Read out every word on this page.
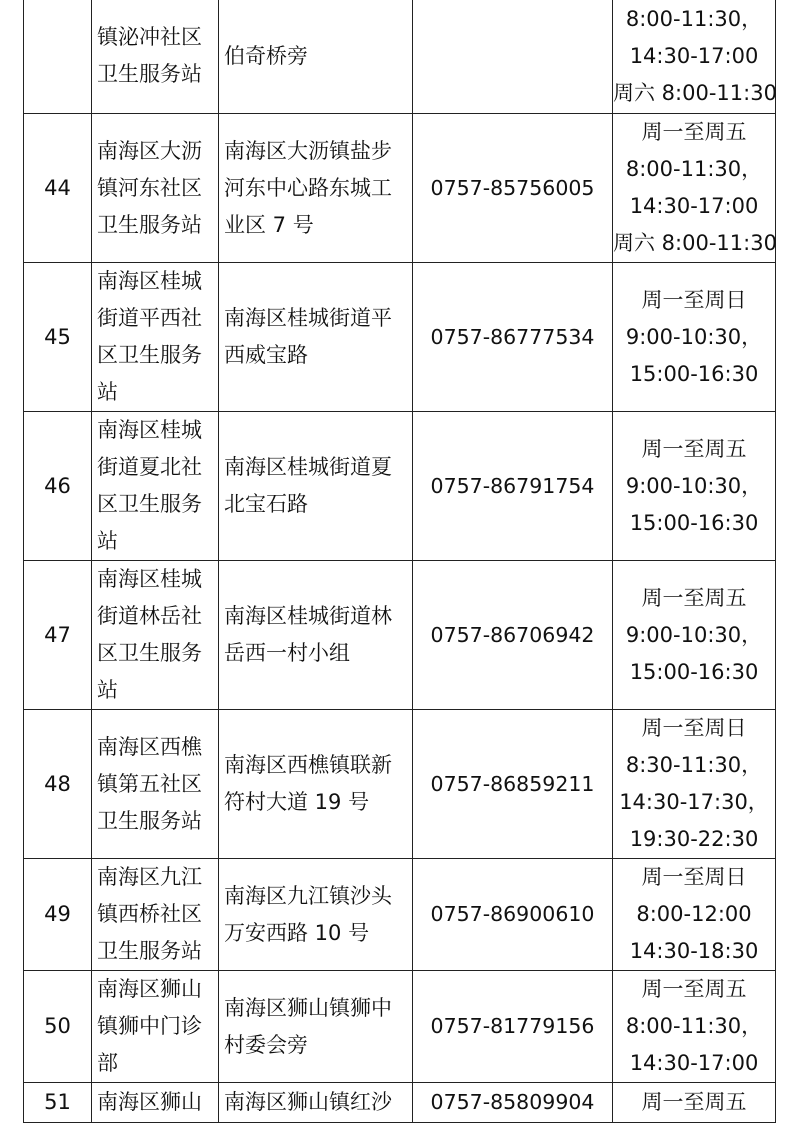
	镇泌冲社区
卫生服务站	伯奇桥旁		8:00-11:30，
14:30-17:00
周六 8:00-11:30

44	南海区大沥
镇河东社区
卫生服务站	南海区大沥镇盐步
河东中心路东城工
业区 7 号	0757-85756005	周一至周五
8:00-11:30，
14:30-17:00
周六 8:00-11:30

45	南海区桂城
街道平西社
区卫生服务
站	南海区桂城街道平
西威宝路	0757-86777534	周一至周日
9:00-10:30，
15:00-16:30

46	南海区桂城
街道夏北社
区卫生服务
站	南海区桂城街道夏
北宝石路	0757-86791754	周一至周五
9:00-10:30，
15:00-16:30

47	南海区桂城
街道林岳社
区卫生服务
站	南海区桂城街道林
岳西一村小组	0757-86706942	周一至周五
9:00-10:30，
15:00-16:30

48	南海区西樵
镇第五社区
卫生服务站	南海区西樵镇联新
符村大道 19 号	0757-86859211	周一至周日
8:30-11:30，
14:30-17:30，
19:30-22:30

49	南海区九江
镇西桥社区
卫生服务站	南海区九江镇沙头
万安西路 10 号	0757-86900610	周一至周日
8:00-12:00
14:30-18:30

50	南海区狮山
镇狮中门诊
部	南海区狮山镇狮中
村委会旁	0757-81779156	周一至周五
8:00-11:30，
14:30-17:00

51	南海区狮山	南海区狮山镇红沙	0757-85809904	周一至周五
